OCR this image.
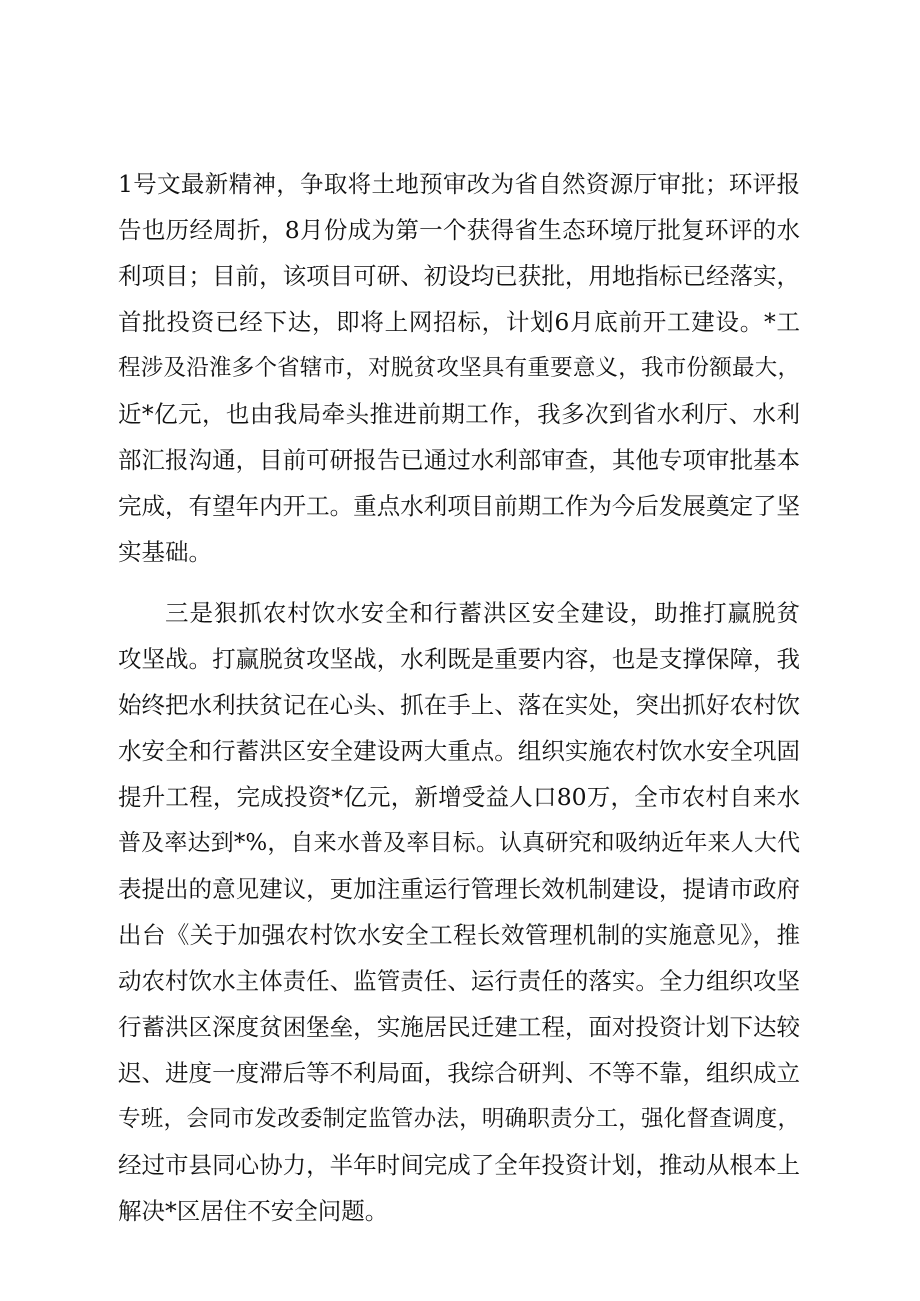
1号文最新精神，争取将土地预审改为省自然资源厅审批；环评报
告也历经周折，8月份成为第一个获得省生态环境厅批复环评的水
利项目；目前，该项目可研、初设均已获批，用地指标已经落实，
首批投资已经下达，即将上网招标，计划6月底前开工建设。*工
程涉及沿淮多个省辖市，对脱贫攻坚具有重要意义，我市份额最大，
近*亿元，也由我局牵头推进前期工作，我多次到省水利厅、水利
部汇报沟通，目前可研报告已通过水利部审查，其他专项审批基本
完成，有望年内开工。重点水利项目前期工作为今后发展奠定了坚
实基础。
三是狠抓农村饮水安全和行蓄洪区安全建设，助推打赢脱贫
攻坚战。打赢脱贫攻坚战，水利既是重要内容，也是支撑保障，我
始终把水利扶贫记在心头、抓在手上、落在实处，突出抓好农村饮
水安全和行蓄洪区安全建设两大重点。组织实施农村饮水安全巩固
提升工程，完成投资*亿元，新增受益人口80万，全市农村自来水
普及率达到*%，自来水普及率目标。认真研究和吸纳近年来人大代
表提出的意见建议，更加注重运行管理长效机制建设，提请市政府
出台《关于加强农村饮水安全工程长效管理机制的实施意见》，推
动农村饮水主体责任、监管责任、运行责任的落实。全力组织攻坚
行蓄洪区深度贫困堡垒，实施居民迁建工程，面对投资计划下达较
迟、进度一度滞后等不利局面，我综合研判、不等不靠，组织成立
专班，会同市发改委制定监管办法，明确职责分工，强化督查调度，
经过市县同心协力，半年时间完成了全年投资计划，推动从根本上
解决*区居住不安全问题。
